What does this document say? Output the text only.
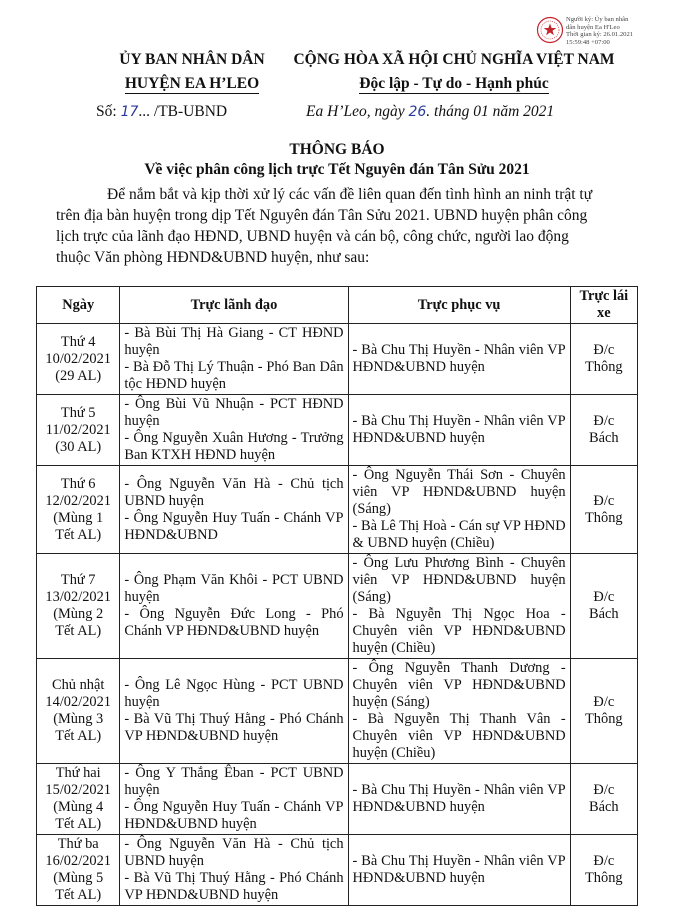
Người ký: Ủy ban nhân
dân huyện Ea H'Leo
Thời gian ký: 26.01.2021
15:59:48 +07:00
ỦY BAN NHÂN DÂN
HUYỆN EA H’LEO
CỘNG HÒA XÃ HỘI CHỦ NGHĨA VIỆT NAM
Độc lập - Tự do - Hạnh phúc
Số: 17... /TB-UBND	Ea H’Leo, ngày 26. tháng 01 năm 2021
THÔNG BÁO
Về việc phân công lịch trực Tết Nguyên đán Tân Sửu 2021
Để nắm bắt và kịp thời xử lý các vấn đề liên quan đến tình hình an ninh trật tự
trên địa bàn huyện trong dịp Tết Nguyên đán Tân Sửu 2021. UBND huyện phân công
lịch trực của lãnh đạo HĐND, UBND huyện và cán bộ, công chức, người lao động
thuộc Văn phòng HĐND&UBND huyện, như sau:
Ngày	Trực lãnh đạo	Trực phục vụ	Trực lái xe

Thứ 4
10/02/2021
(29 AL)	- Bà Bùi Thị Hà Giang - CT HĐND huyện
- Bà Đỗ Thị Lý Thuận - Phó Ban Dân tộc HĐND huyện	- Bà Chu Thị Huyền - Nhân viên VP HĐND&UBND huyện	Đ/c
Thông

Thứ 5
11/02/2021
(30 AL)	- Ông Bùi Vũ Nhuận - PCT HĐND huyện
- Ông Nguyễn Xuân Hương - Trưởng Ban KTXH HĐND huyện	- Bà Chu Thị Huyền - Nhân viên VP HĐND&UBND huyện	Đ/c
Bách

Thứ 6
12/02/2021
(Mùng 1
Tết AL)	- Ông Nguyễn Văn Hà - Chủ tịch UBND huyện
- Ông Nguyễn Huy Tuấn - Chánh VP HĐND&UBND	- Ông Nguyễn Thái Sơn - Chuyên viên VP HĐND&UBND huyện (Sáng)
- Bà Lê Thị Hoà - Cán sự VP HĐND & UBND huyện (Chiều)	Đ/c
Thông

Thứ 7
13/02/2021
(Mùng 2
Tết AL)	- Ông Phạm Văn Khôi - PCT UBND huyện
- Ông Nguyễn Đức Long - Phó Chánh VP HĐND&UBND huyện	- Ông Lưu Phương Bình - Chuyên viên VP HĐND&UBND huyện (Sáng)
- Bà Nguyễn Thị Ngọc Hoa - Chuyên viên VP HĐND&UBND huyện (Chiều)	Đ/c
Bách

Chủ nhật
14/02/2021
(Mùng 3
Tết AL)	- Ông Lê Ngọc Hùng - PCT UBND huyện
- Bà Vũ Thị Thuý Hằng - Phó Chánh VP HĐND&UBND huyện	- Ông Nguyễn Thanh Dương - Chuyên viên VP HĐND&UBND huyện (Sáng)
- Bà Nguyễn Thị Thanh Vân - Chuyên viên VP HĐND&UBND huyện (Chiều)	Đ/c
Thông

Thứ hai
15/02/2021
(Mùng 4
Tết AL)	- Ông Y Thắng Êban - PCT UBND huyện
- Ông Nguyễn Huy Tuấn - Chánh VP HĐND&UBND huyện	- Bà Chu Thị Huyền - Nhân viên VP HĐND&UBND huyện	Đ/c
Bách

Thứ ba
16/02/2021
(Mùng 5
Tết AL)	- Ông Nguyễn Văn Hà - Chủ tịch UBND huyện
- Bà Vũ Thị Thuý Hằng - Phó Chánh VP HĐND&UBND huyện	- Bà Chu Thị Huyền - Nhân viên VP HĐND&UBND huyện	Đ/c
Thông
